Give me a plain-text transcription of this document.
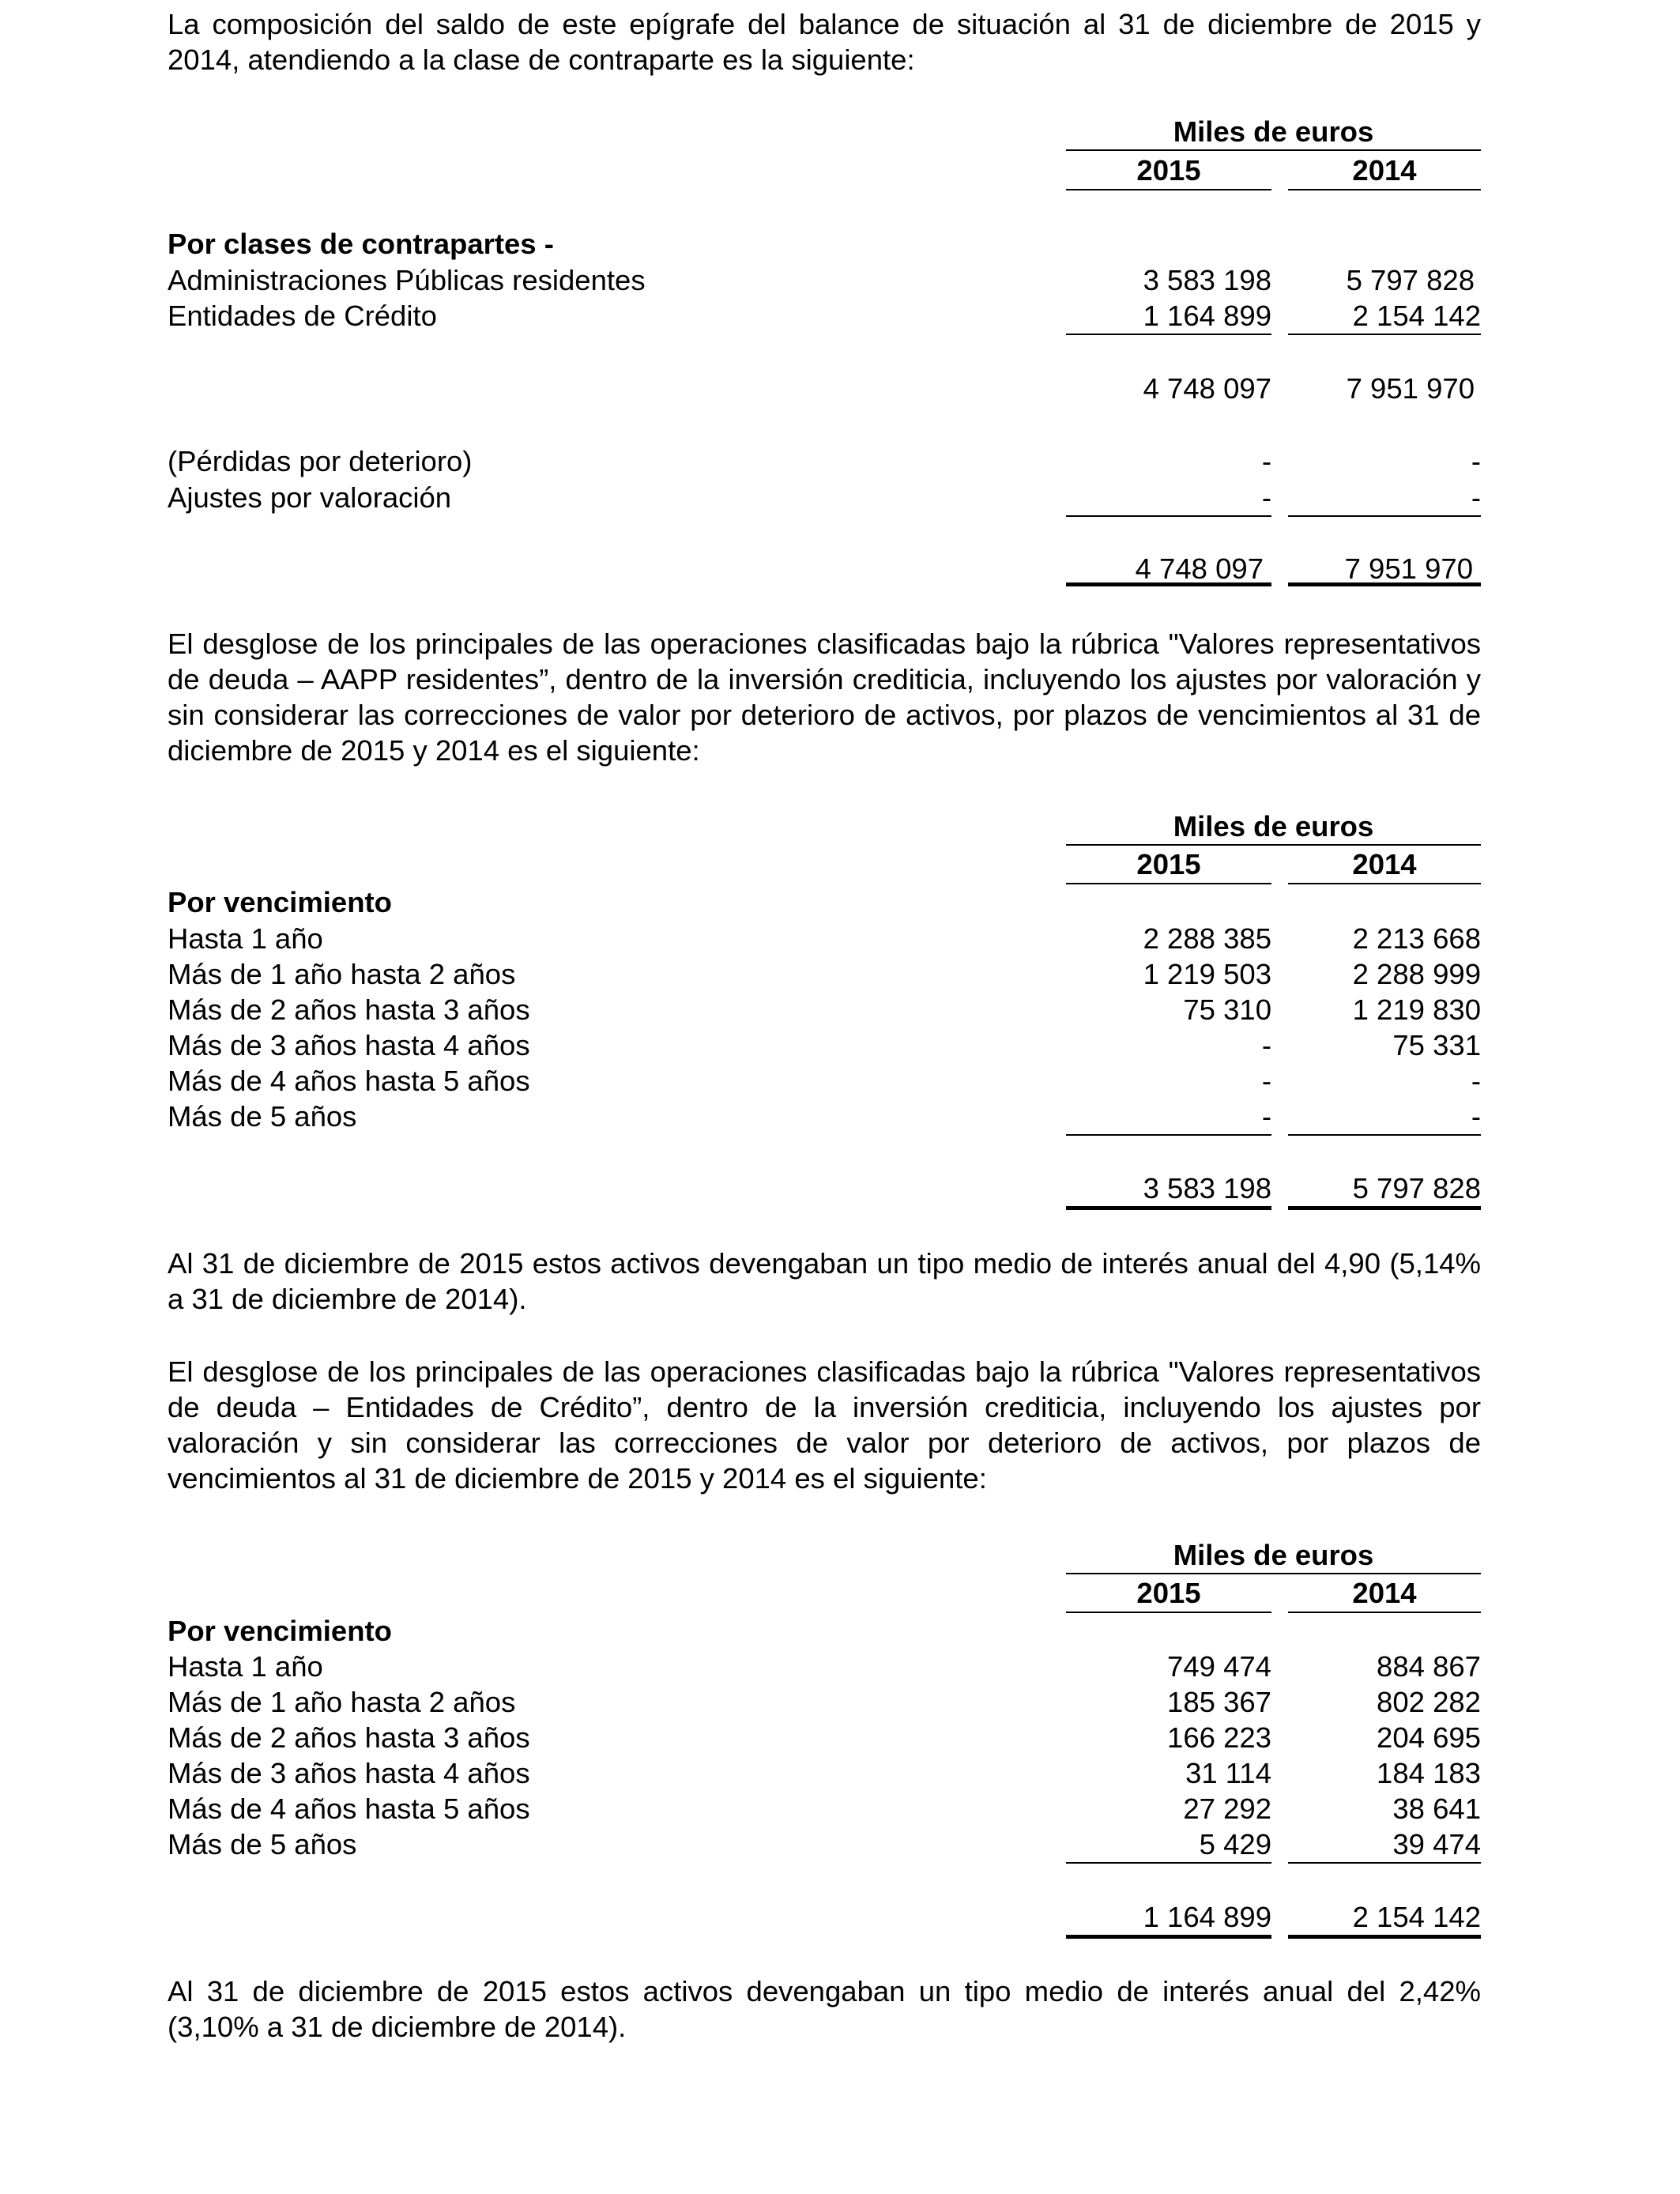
La composición del saldo de este epígrafe del balance de situación al 31 de diciembre de 2015 y 2014, atendiendo a la clase de contraparte es la siguiente:

Miles de euros
2015	2014
Por clases de contrapartes -
Administraciones Públicas residentes	3 583 198	5 797 828
Entidades de Crédito	1 164 899	2 154 142
4 748 097	7 951 970
(Pérdidas por deterioro)	-	-
Ajustes por valoración	-	-
4 748 097	7 951 970

El desglose de los principales de las operaciones clasificadas bajo la rúbrica "Valores representativos de deuda – AAPP residentes”, dentro de la inversión crediticia, incluyendo los ajustes por valoración y sin considerar las correcciones de valor por deterioro de activos, por plazos de vencimientos al 31 de diciembre de 2015 y 2014 es el siguiente:

Miles de euros
2015	2014
Por vencimiento
Hasta 1 año	2 288 385	2 213 668
Más de 1 año hasta 2 años	1 219 503	2 288 999
Más de 2 años hasta 3 años	75 310	1 219 830
Más de 3 años hasta 4 años	-	75 331
Más de 4 años hasta 5 años	-	-
Más de 5 años	-	-
3 583 198	5 797 828

Al 31 de diciembre de 2015 estos activos devengaban un tipo medio de interés anual del 4,90 (5,14% a 31 de diciembre de 2014).

El desglose de los principales de las operaciones clasificadas bajo la rúbrica "Valores representativos de deuda – Entidades de Crédito”, dentro de la inversión crediticia, incluyendo los ajustes por valoración y sin considerar las correcciones de valor por deterioro de activos, por plazos de vencimientos al 31 de diciembre de 2015 y 2014 es el siguiente:

Miles de euros
2015	2014
Por vencimiento
Hasta 1 año	749 474	884 867
Más de 1 año hasta 2 años	185 367	802 282
Más de 2 años hasta 3 años	166 223	204 695
Más de 3 años hasta 4 años	31 114	184 183
Más de 4 años hasta 5 años	27 292	38 641
Más de 5 años	5 429	39 474
1 164 899	2 154 142

Al 31 de diciembre de 2015 estos activos devengaban un tipo medio de interés anual del 2,42% (3,10% a 31 de diciembre de 2014).
